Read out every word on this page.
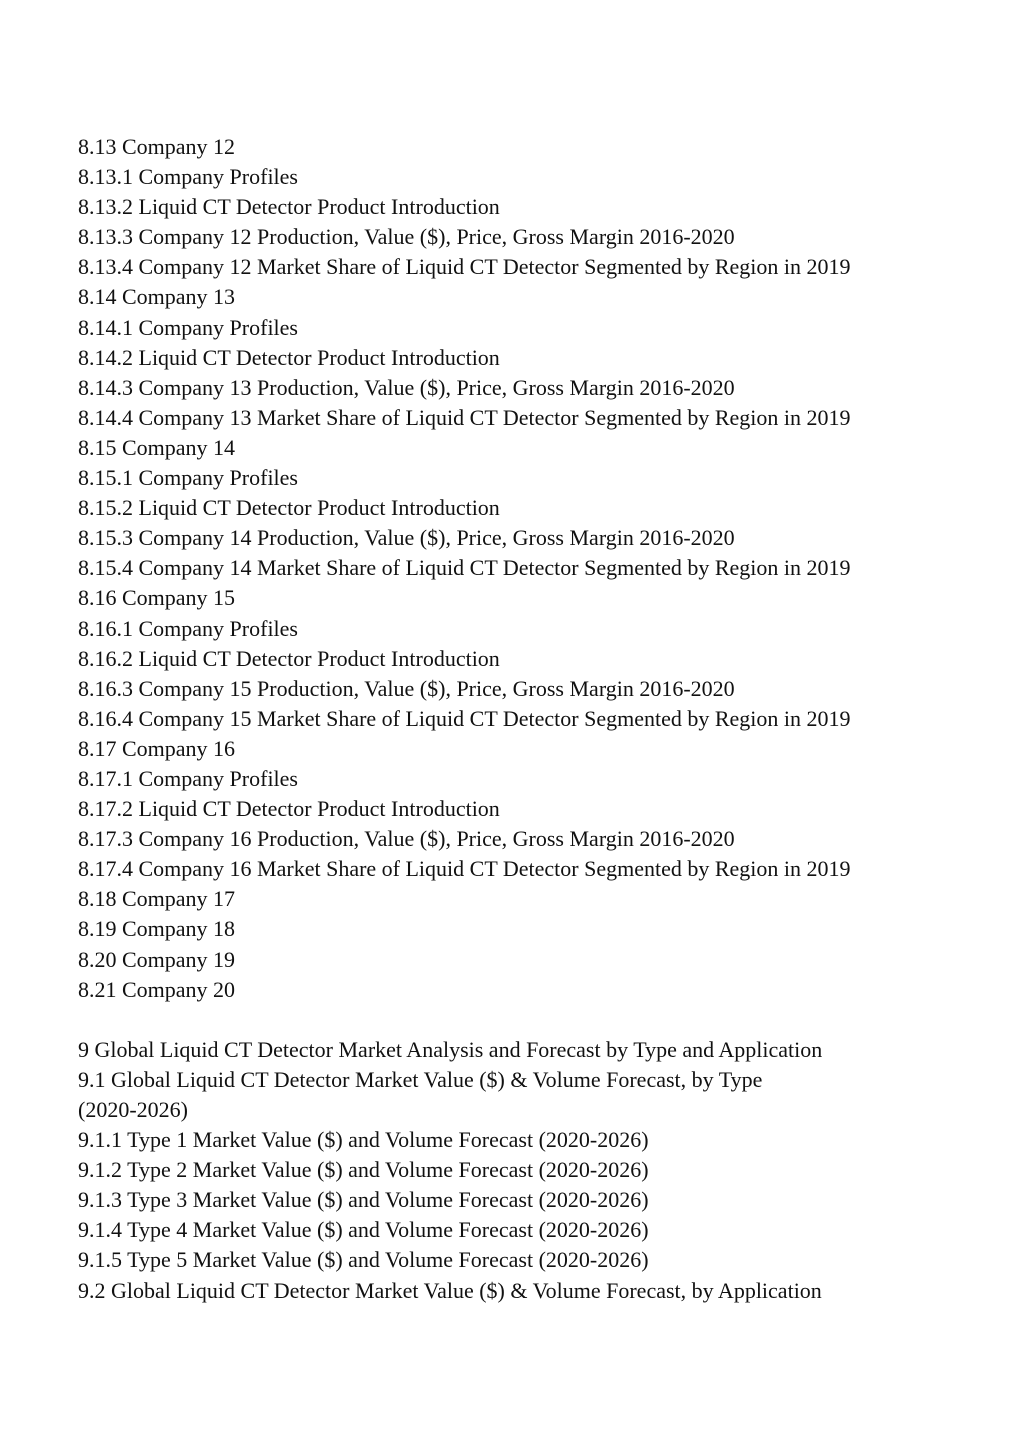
8.13 Company 12
8.13.1 Company Profiles
8.13.2 Liquid CT Detector Product Introduction
8.13.3 Company 12 Production, Value ($), Price, Gross Margin 2016-2020
8.13.4 Company 12 Market Share of Liquid CT Detector Segmented by Region in 2019
8.14 Company 13
8.14.1 Company Profiles
8.14.2 Liquid CT Detector Product Introduction
8.14.3 Company 13 Production, Value ($), Price, Gross Margin 2016-2020
8.14.4 Company 13 Market Share of Liquid CT Detector Segmented by Region in 2019
8.15 Company 14
8.15.1 Company Profiles
8.15.2 Liquid CT Detector Product Introduction
8.15.3 Company 14 Production, Value ($), Price, Gross Margin 2016-2020
8.15.4 Company 14 Market Share of Liquid CT Detector Segmented by Region in 2019
8.16 Company 15
8.16.1 Company Profiles
8.16.2 Liquid CT Detector Product Introduction
8.16.3 Company 15 Production, Value ($), Price, Gross Margin 2016-2020
8.16.4 Company 15 Market Share of Liquid CT Detector Segmented by Region in 2019
8.17 Company 16
8.17.1 Company Profiles
8.17.2 Liquid CT Detector Product Introduction
8.17.3 Company 16 Production, Value ($), Price, Gross Margin 2016-2020
8.17.4 Company 16 Market Share of Liquid CT Detector Segmented by Region in 2019
8.18 Company 17
8.19 Company 18
8.20 Company 19
8.21 Company 20
9 Global Liquid CT Detector Market Analysis and Forecast by Type and Application
9.1 Global Liquid CT Detector Market Value ($) & Volume Forecast, by Type
(2020-2026)
9.1.1 Type 1 Market Value ($) and Volume Forecast (2020-2026)
9.1.2 Type 2 Market Value ($) and Volume Forecast (2020-2026)
9.1.3 Type 3 Market Value ($) and Volume Forecast (2020-2026)
9.1.4 Type 4 Market Value ($) and Volume Forecast (2020-2026)
9.1.5 Type 5 Market Value ($) and Volume Forecast (2020-2026)
9.2 Global Liquid CT Detector Market Value ($) & Volume Forecast, by Application
